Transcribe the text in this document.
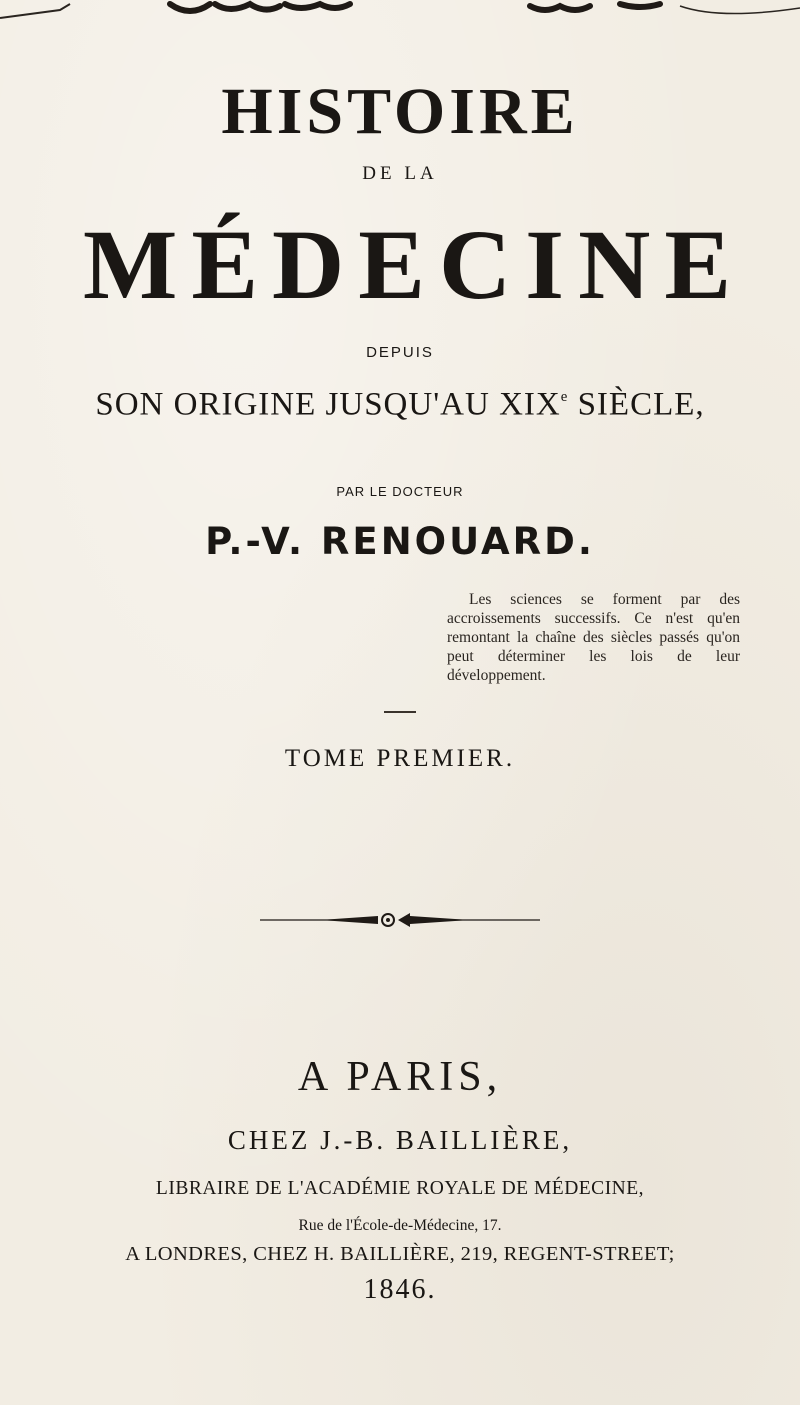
HISTOIRE
DE LA
MÉDECINE
DEPUIS
SON ORIGINE JUSQU'AU XIXe SIÈCLE,
PAR LE DOCTEUR
P.-V. RENOUARD.
Les sciences se forment par des accroissements successifs. Ce n'est qu'en remontant la chaîne des siècles passés qu'on peut déterminer les lois de leur développement.
TOME PREMIER.
A PARIS,
CHEZ J.-B. BAILLIÈRE,
LIBRAIRE DE L'ACADÉMIE ROYALE DE MÉDECINE,
Rue de l'École-de-Médecine, 17.
A LONDRES, CHEZ H. BAILLIÈRE, 219, REGENT-STREET;
1846.
